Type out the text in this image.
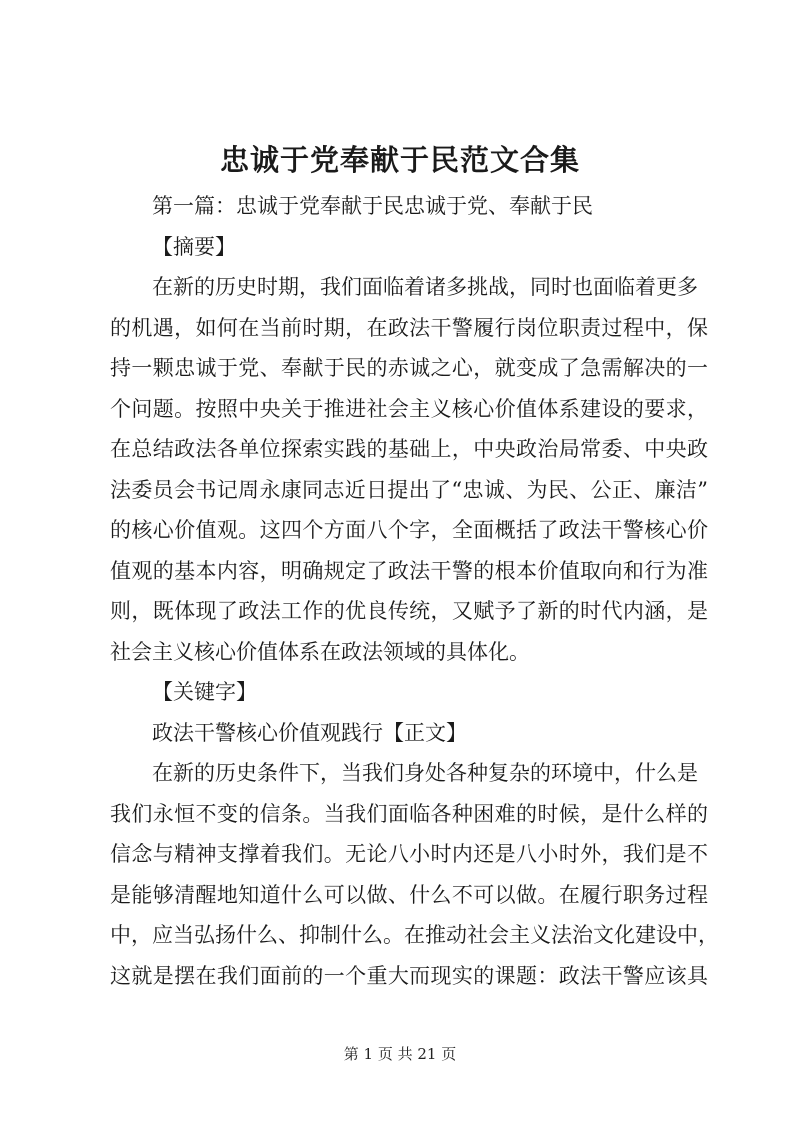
忠诚于党奉献于民范文合集
第一篇：忠诚于党奉献于民忠诚于党、奉献于民
【摘要】
在新的历史时期，我们面临着诸多挑战，同时也面临着更多
的机遇，如何在当前时期，在政法干警履行岗位职责过程中，保
持一颗忠诚于党、奉献于民的赤诚之心，就变成了急需解决的一
个问题。按照中央关于推进社会主义核心价值体系建设的要求，
在总结政法各单位探索实践的基础上，中央政治局常委、中央政
法委员会书记周永康同志近日提出了“忠诚、为民、公正、廉洁”
的核心价值观。这四个方面八个字，全面概括了政法干警核心价
值观的基本内容，明确规定了政法干警的根本价值取向和行为准
则，既体现了政法工作的优良传统，又赋予了新的时代内涵，是
社会主义核心价值体系在政法领域的具体化。
【关键字】
政法干警核心价值观践行【正文】
在新的历史条件下，当我们身处各种复杂的环境中，什么是
我们永恒不变的信条。当我们面临各种困难的时候，是什么样的
信念与精神支撑着我们。无论八小时内还是八小时外，我们是不
是能够清醒地知道什么可以做、什么不可以做。在履行职务过程
中，应当弘扬什么、抑制什么。在推动社会主义法治文化建设中，
这就是摆在我们面前的一个重大而现实的课题：政法干警应该具
第 1 页 共 21 页
